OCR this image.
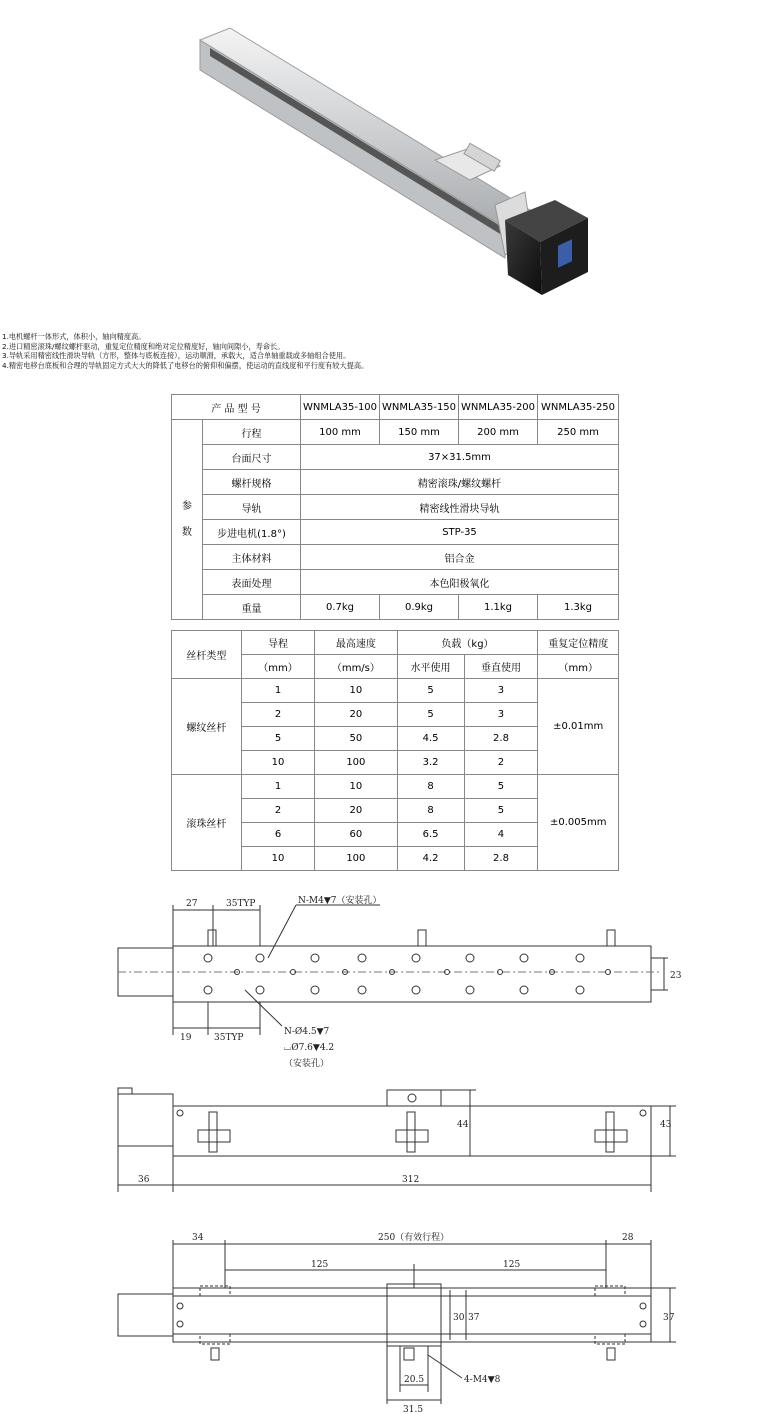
1.电机螺杆一体形式，体积小，轴向精度高。
2.进口精密滚珠/螺纹螺杆驱动，重复定位精度和绝对定位精度好，轴向间隙小，寿命长。
3.导轨采用精密线性滑块导轨（方形，整体与底板连接），运动顺滑，承载大，适合单轴重载或多轴组合使用。
4.精密电移台底板和合理的导轨固定方式大大的降低了电移台的俯仰和偏摆，使运动的直线度和平行度有较大提高。
产 品 型 号		WNMLA35-100	WNMLA35-150	WNMLA35-200	WNMLA35-250
参
数	行程	100 mm	150 mm	200 mm	250 mm
	台面尺寸	37×31.5mm			
	螺杆规格	精密滚珠/螺纹螺杆			
	导轨	精密线性滑块导轨			
	步进电机(1.8°)	STP-35			
	主体材料	铝合金			
	表面处理	本色阳极氧化			
	重量	0.7kg	0.9kg	1.1kg	1.3kg
丝杆类型	导程	最高速度	负载（kg）		重复定位精度
	（mm）	（mm/s）	水平使用	垂直使用	（mm）
螺纹丝杆	1	10	5	3	±0.01mm
	2	20	5	3	
	5	50	4.5	2.8	
	10	100	3.2	2	
滚珠丝杆	1	10	8	5	±0.005mm
	2	20	8	5	
	6	60	6.5	4	
	10	100	4.2	2.8	
27	35TYP	N-M4▼7（安装孔）
19	35TYP
23
N-Ø4.5▼7
⌴Ø7.6▼4.2
（安装孔）
36	312
44	43
34	250（有效行程）	28
125	125
30 37	37
20.5
31.5
4-M4▼8
